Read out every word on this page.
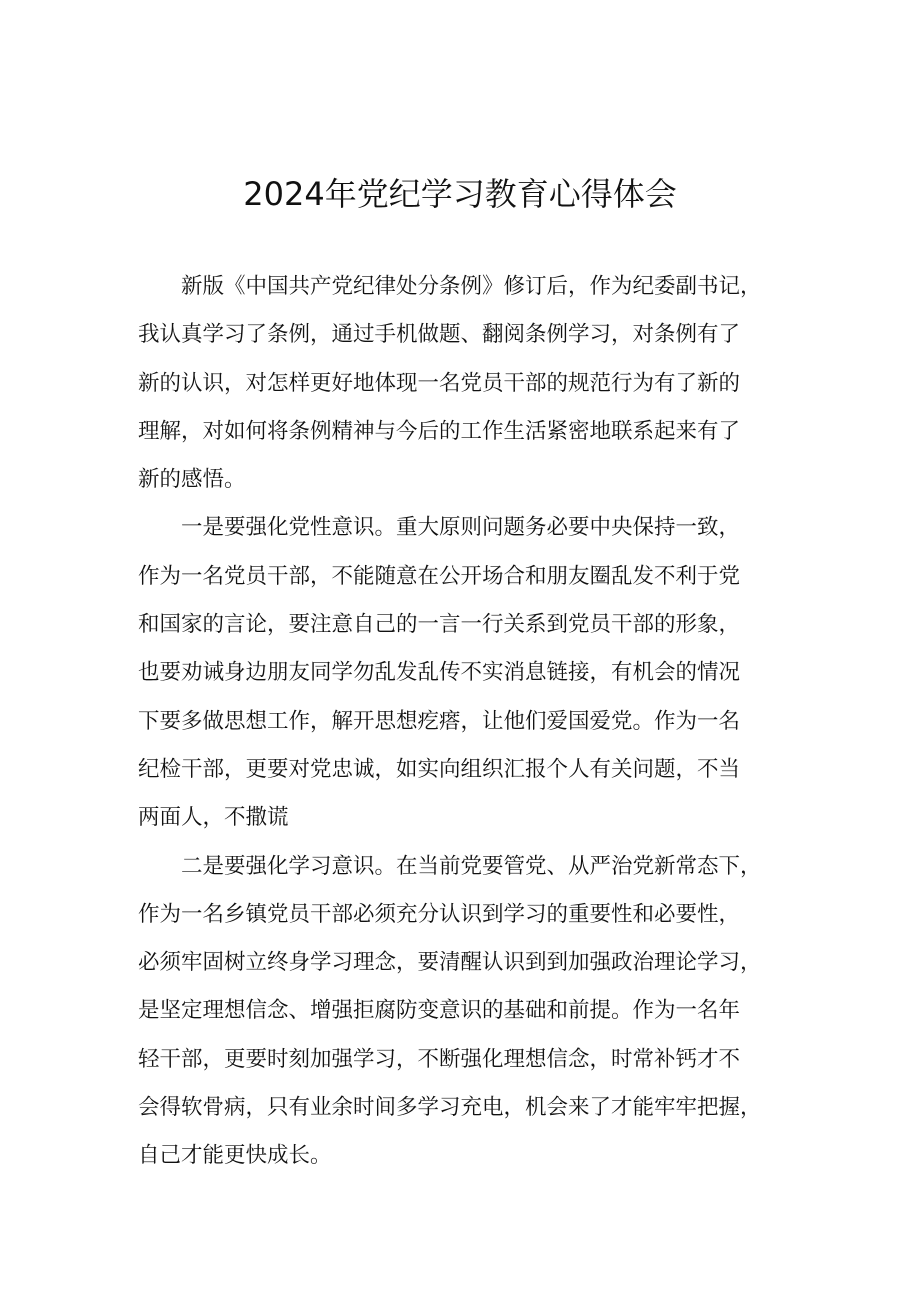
2024年党纪学习教育心得体会
新版《中国共产党纪律处分条例》修订后，作为纪委副书记，
我认真学习了条例，通过手机做题、翻阅条例学习，对条例有了
新的认识，对怎样更好地体现一名党员干部的规范行为有了新的
理解，对如何将条例精神与今后的工作生活紧密地联系起来有了
新的感悟。
一是要强化党性意识。重大原则问题务必要中央保持一致，
作为一名党员干部，不能随意在公开场合和朋友圈乱发不利于党
和国家的言论，要注意自己的一言一行关系到党员干部的形象，
也要劝诫身边朋友同学勿乱发乱传不实消息链接，有机会的情况
下要多做思想工作，解开思想疙瘩，让他们爱国爱党。作为一名
纪检干部，更要对党忠诚，如实向组织汇报个人有关问题，不当
两面人，不撒谎
二是要强化学习意识。在当前党要管党、从严治党新常态下，
作为一名乡镇党员干部必须充分认识到学习的重要性和必要性，
必须牢固树立终身学习理念，要清醒认识到到加强政治理论学习，
是坚定理想信念、增强拒腐防变意识的基础和前提。作为一名年
轻干部，更要时刻加强学习，不断强化理想信念，时常补钙才不
会得软骨病，只有业余时间多学习充电，机会来了才能牢牢把握，
自己才能更快成长。
